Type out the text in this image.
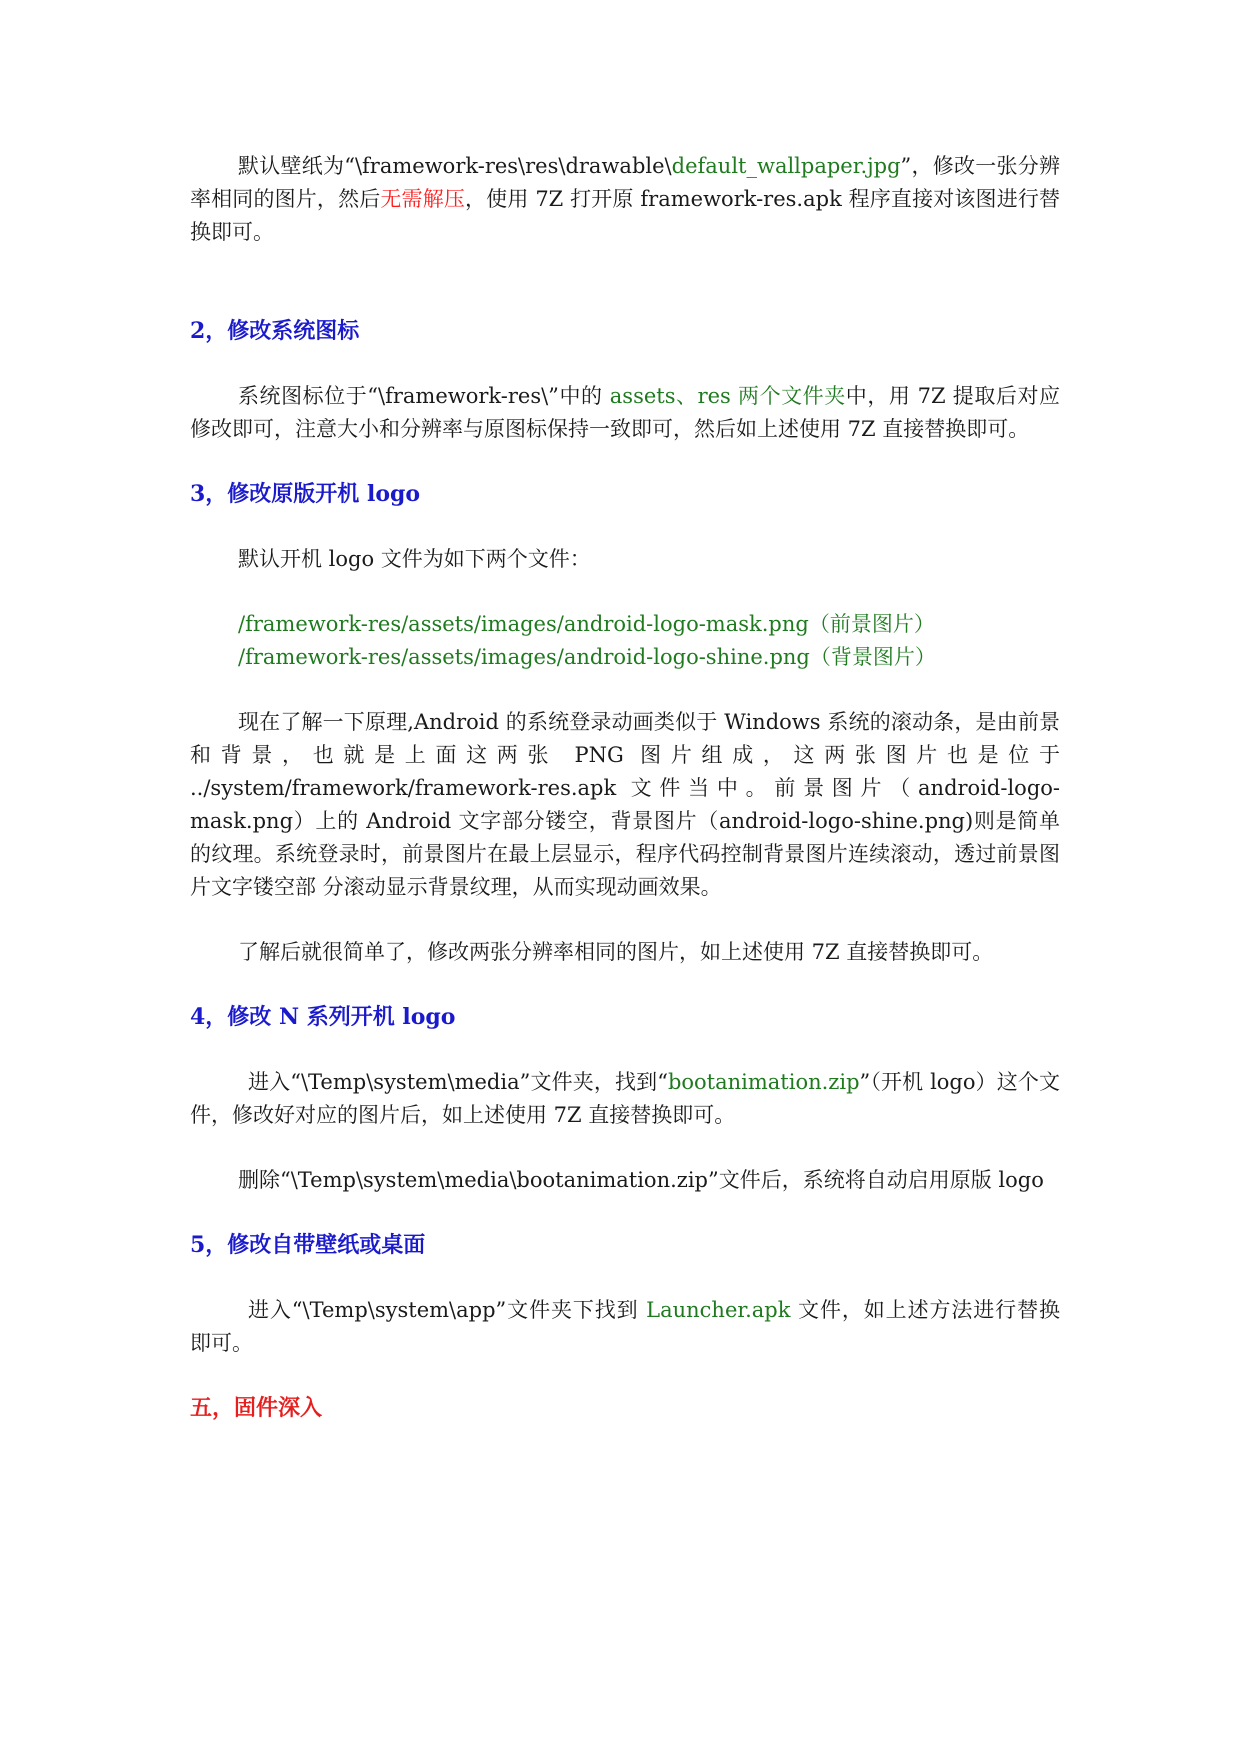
默认壁纸为“\framework-res\res\drawable\default_wallpaper.jpg”，修改一张分辨率相同的图片，然后无需解压，使用 7Z 打开原 framework-res.apk 程序直接对该图进行替换即可。

2，修改系统图标

系统图标位于“\framework-res\”中的 assets、res 两个文件夹中，用 7Z 提取后对应修改即可，注意大小和分辨率与原图标保持一致即可，然后如上述使用 7Z 直接替换即可。

3，修改原版开机 logo

默认开机 logo 文件为如下两个文件：

/framework-res/assets/images/android-logo-mask.png（前景图片）

/framework-res/assets/images/android-logo-shine.png（背景图片）

现在了解一下原理,Android 的系统登录动画类似于 Windows 系统的滚动条，是由前景和背景，也就是上面这两张 PNG 图片组成，这两张图片也是位于 ../system/framework/framework-res.apk 文件当中。前景图片（android-logo-mask.png）上的 Android 文字部分镂空，背景图片（android-logo-shine.png)则是简单的纹理。系统登录时，前景图片在最上层显示，程序代码控制背景图片连续滚动，透过前景图片文字镂空部 分滚动显示背景纹理，从而实现动画效果。

了解后就很简单了，修改两张分辨率相同的图片，如上述使用 7Z 直接替换即可。

4，修改 N 系列开机 logo

进入“\Temp\system\media”文件夹，找到“bootanimation.zip”（开机 logo）这个文件，修改好对应的图片后，如上述使用 7Z 直接替换即可。

删除“\Temp\system\media\bootanimation.zip”文件后，系统将自动启用原版 logo

5，修改自带壁纸或桌面

进入“\Temp\system\app”文件夹下找到 Launcher.apk 文件，如上述方法进行替换即可。

五，固件深入
